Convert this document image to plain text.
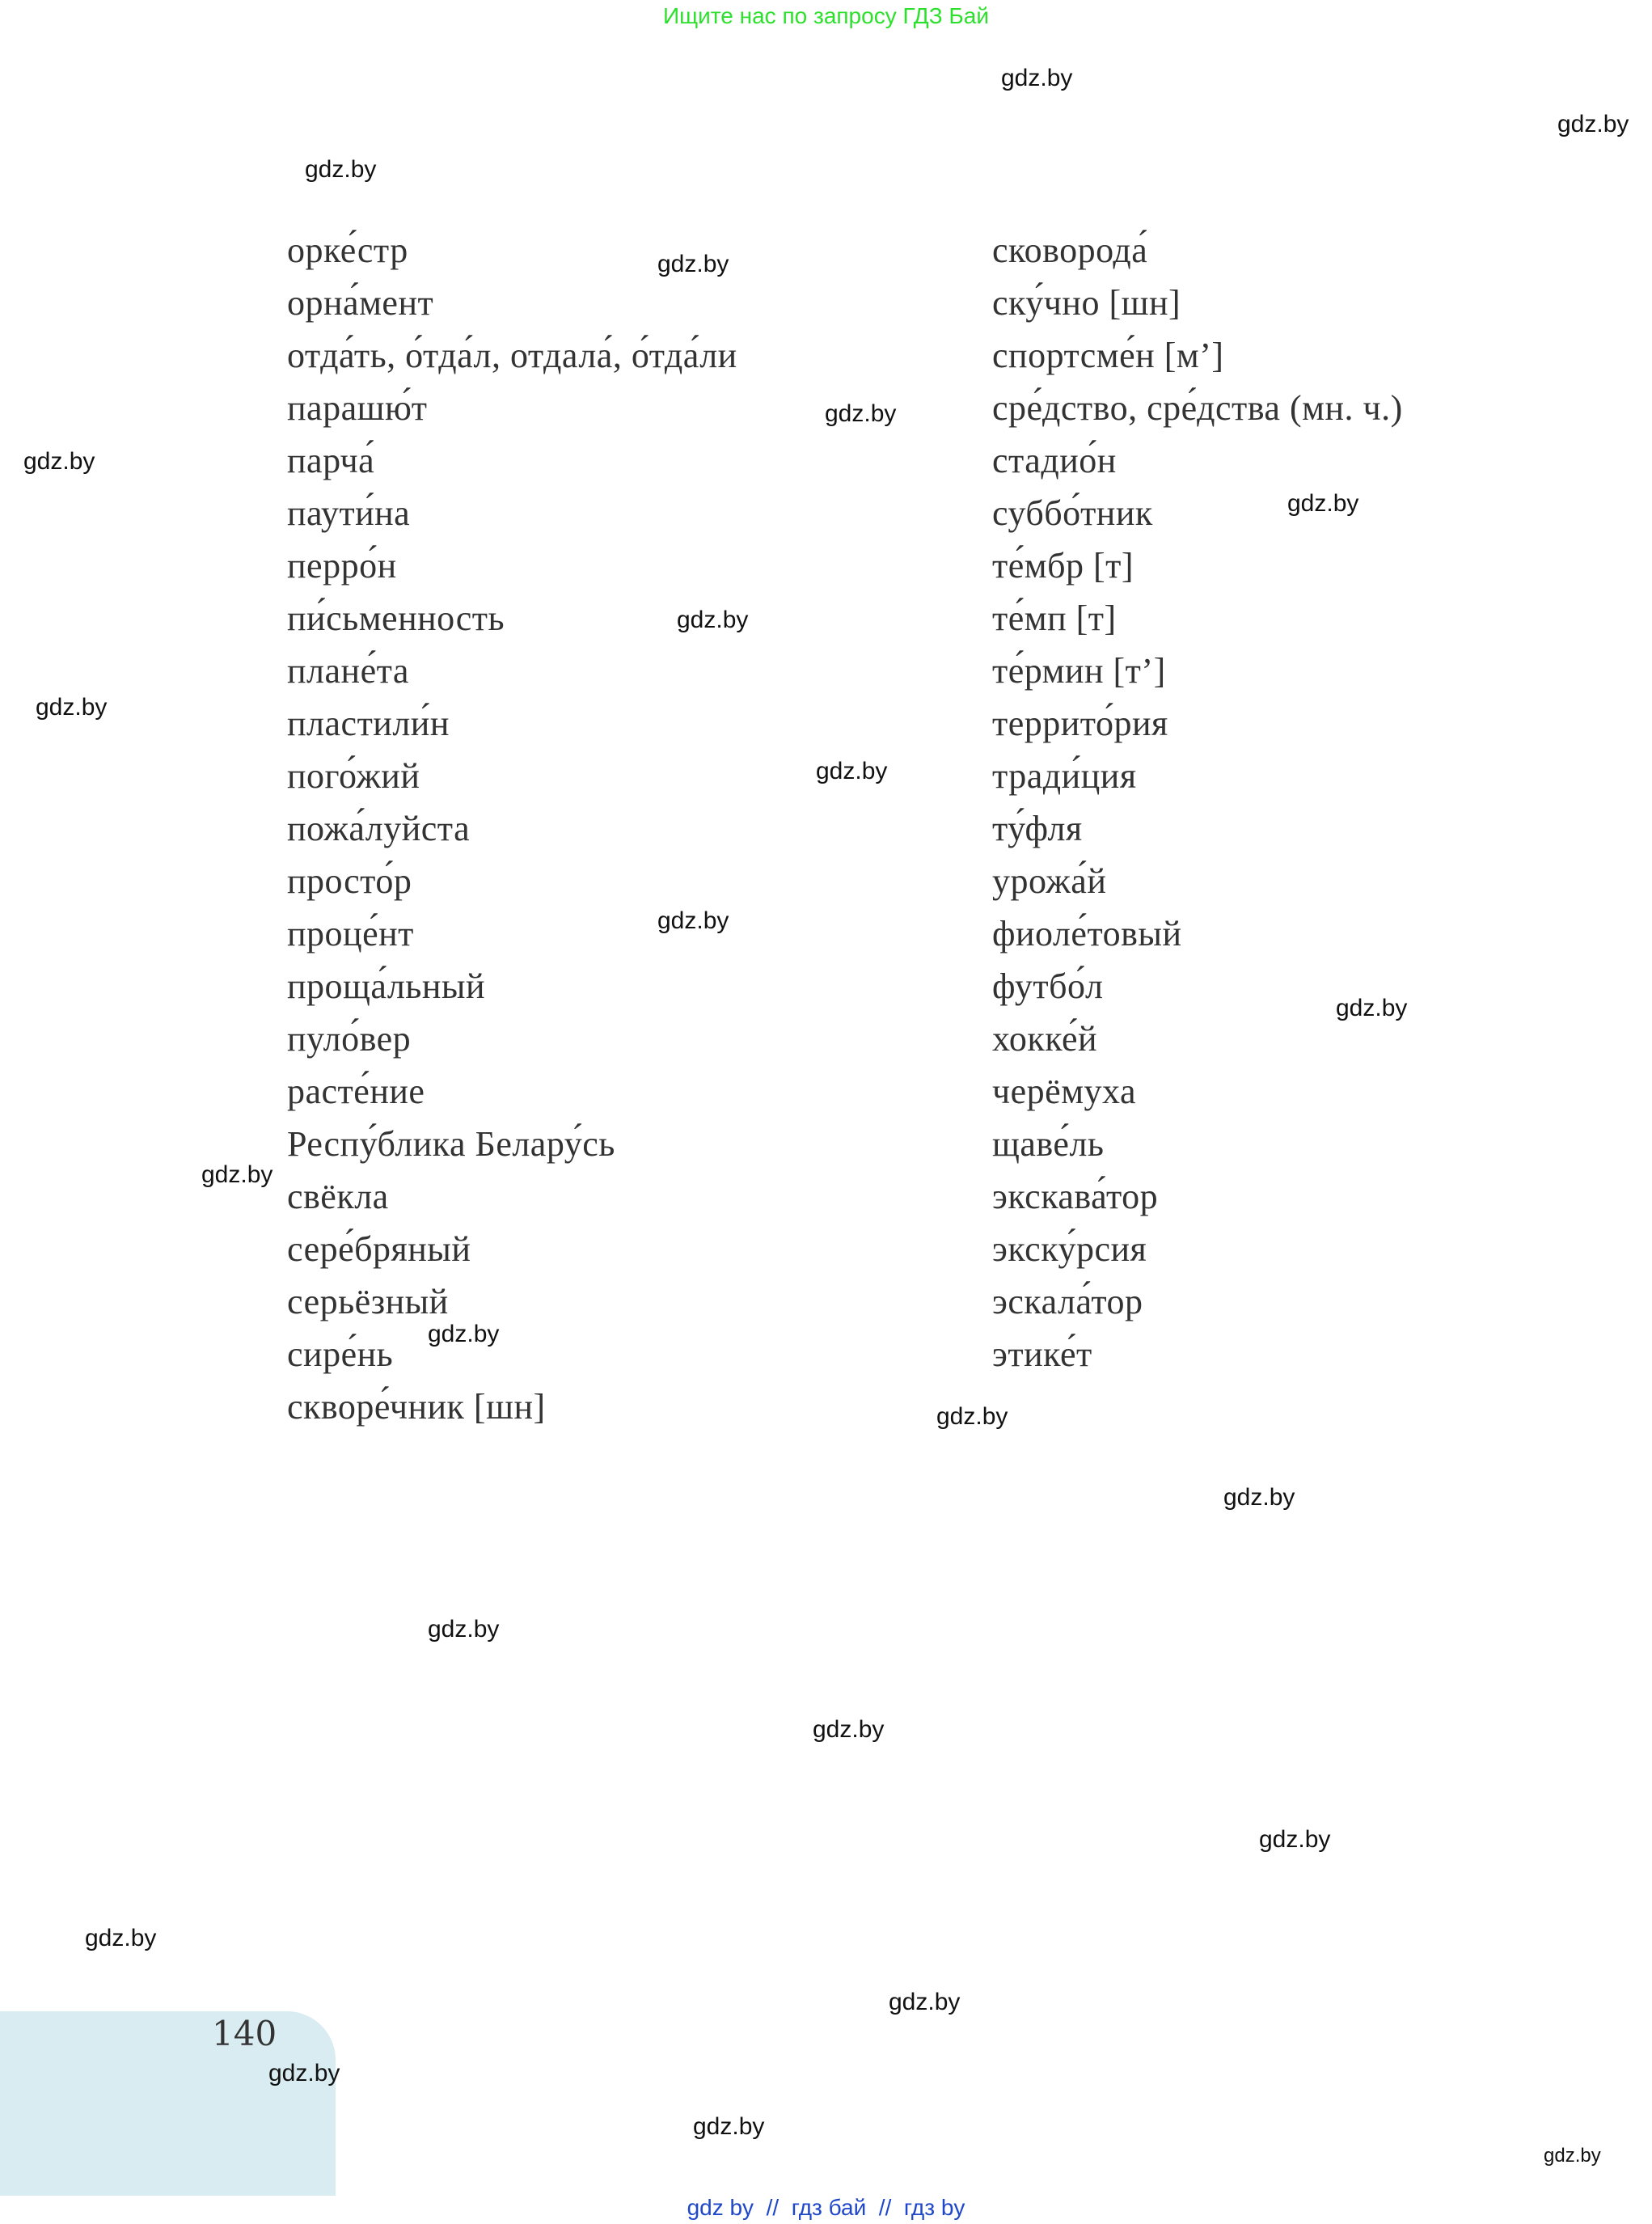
Ищите нас по запросу ГДЗ Бай
орке́стр
орна́мент
отда́ть, о́тда́л, отдала́, о́тда́ли
парашю́т
парча́
паути́на
перро́н
пи́сьменность
плане́та
пластили́н
пого́жий
пожа́луйста
просто́р
проце́нт
проща́льный
пуло́вер
расте́ние
Респу́блика Белару́сь
свёкла
сере́бряный
серьёзный
сире́нь
скворе́чник [шн]
сковорода́
ску́чно [шн]
спортсме́н [м’]
сре́дство, сре́дства (мн. ч.)
стадио́н
суббо́тник
те́мбр [т]
те́мп [т]
те́рмин [т’]
террито́рия
тради́ция
ту́фля
урожа́й
фиоле́товый
футбо́л
хокке́й
черёмуха
щаве́ль
экскава́тор
экску́рсия
эскала́тор
этике́т
gdz.by
gdz.by
gdz.by
gdz.by
gdz.by
gdz.by
gdz.by
gdz.by
gdz.by
gdz.by
gdz.by
gdz.by
gdz.by
gdz.by
gdz.by
gdz.by
gdz.by
gdz.by
gdz.by
gdz.by
gdz.by
gdz.by
gdz.by
140
gdz.by
gdz by  //  гдз бай  //  гдз by
